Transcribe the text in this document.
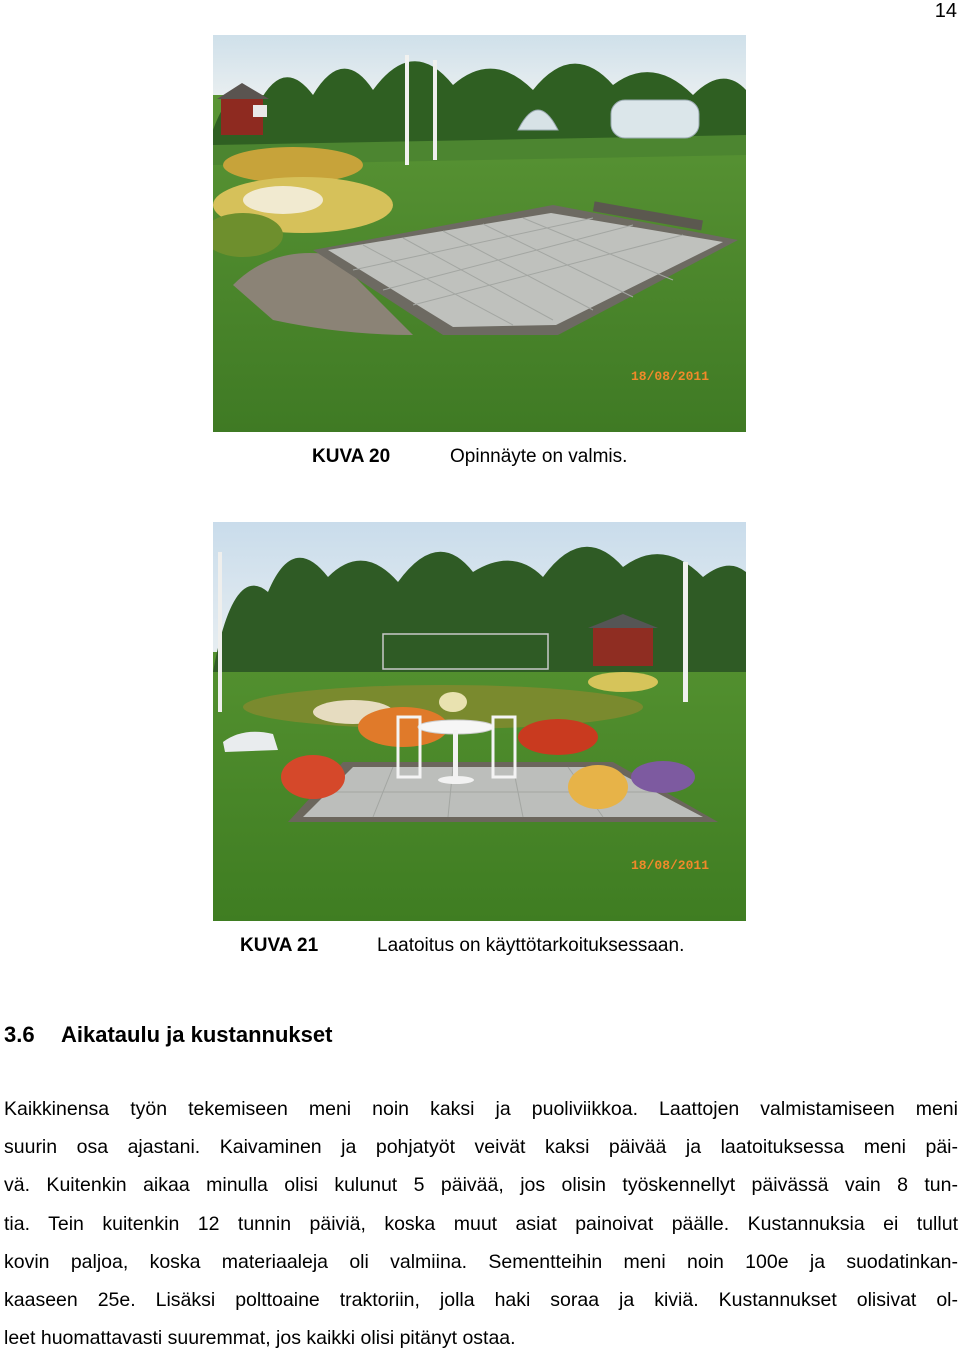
14
18/08/2011
KUVA 20	Opinnäyte on valmis.
18/08/2011
KUVA 21	Laatoitus on käyttötarkoituksessaan.
3.6 Aikataulu ja kustannukset
Kaikkinensa työn tekemiseen meni noin kaksi ja puoliviikkoa. Laattojen valmistamiseen meni
suurin osa ajastani. Kaivaminen ja pohjatyöt veivät kaksi päivää ja laatoituksessa meni päi-
vä. Kuitenkin aikaa minulla olisi kulunut 5 päivää, jos olisin työskennellyt päivässä vain 8 tun-
tia. Tein kuitenkin 12 tunnin päiviä, koska muut asiat painoivat päälle. Kustannuksia ei tullut
kovin paljoa, koska materiaaleja oli valmiina. Sementteihin meni noin 100e ja suodatinkan-
kaaseen 25e. Lisäksi polttoaine traktoriin, jolla haki soraa ja kiviä. Kustannukset olisivat ol-
leet huomattavasti suuremmat, jos kaikki olisi pitänyt ostaa.
